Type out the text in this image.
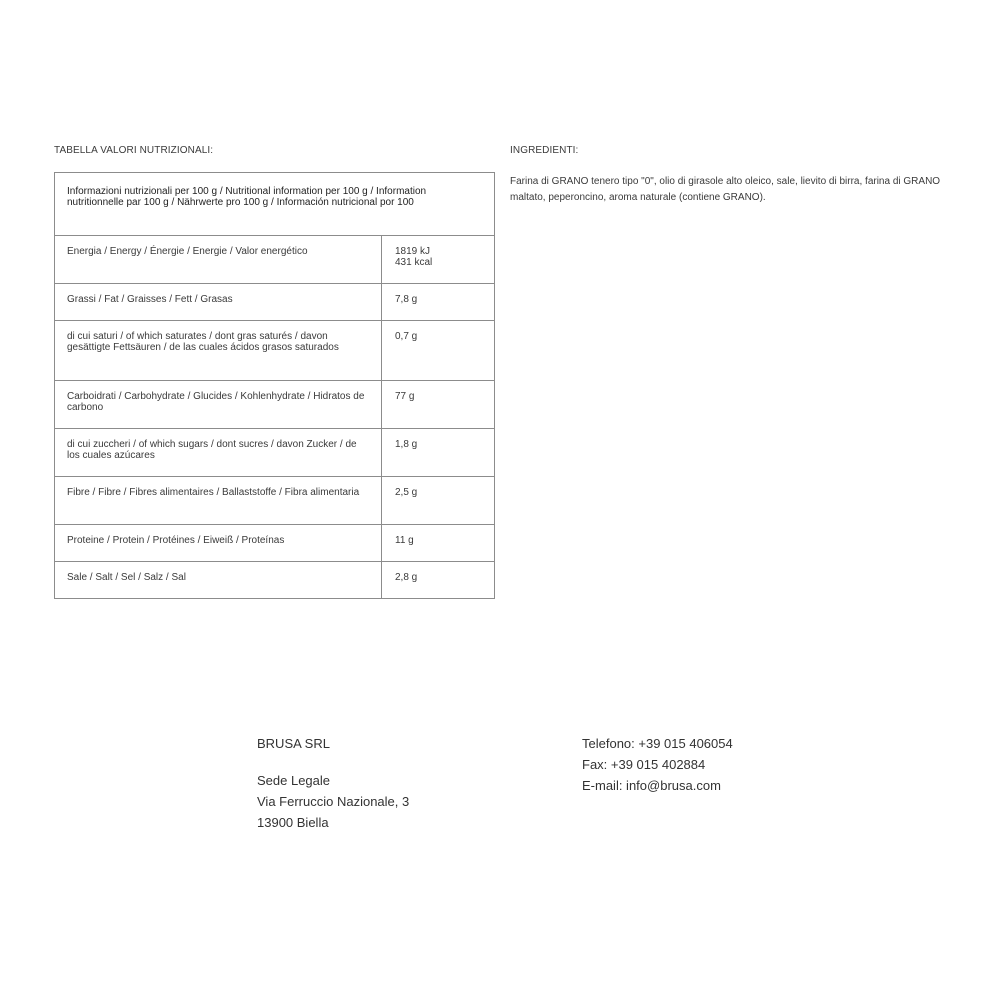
TABELLA VALORI NUTRIZIONALI:
Informazioni nutrizionali per 100 g / Nutritional information per 100 g / Information nutritionnelle par 100 g / Nährwerte pro 100 g / Información nutricional por 100	
Energia / Energy / Énergie / Energie / Valor energético	1819 kJ
431 kcal

Grassi / Fat / Graisses / Fett / Grasas	7,8 g
di cui saturi / of which saturates / dont gras saturés / davon gesättigte Fettsäuren / de las cuales ácidos grasos saturados	0,7 g
Carboidrati / Carbohydrate / Glucides / Kohlenhydrate / Hidratos de carbono	77 g
di cui zuccheri / of which sugars / dont sucres / davon Zucker / de los cuales azúcares	1,8 g
Fibre / Fibre / Fibres alimentaires / Ballaststoffe / Fibra alimentaria	2,5 g
Proteine / Protein / Protéines / Eiweiß / Proteínas	11 g
Sale / Salt / Sel / Salz / Sal	2,8 g
INGREDIENTI:
Farina di GRANO tenero tipo "0", olio di girasole alto oleico, sale, lievito di birra, farina di GRANO maltato, peperoncino, aroma naturale (contiene GRANO).
BRUSA SRL
Sede Legale
Via Ferruccio Nazionale, 3
13900 Biella
Telefono: +39 015 406054
Fax: +39 015 402884
E-mail: info@brusa.com
